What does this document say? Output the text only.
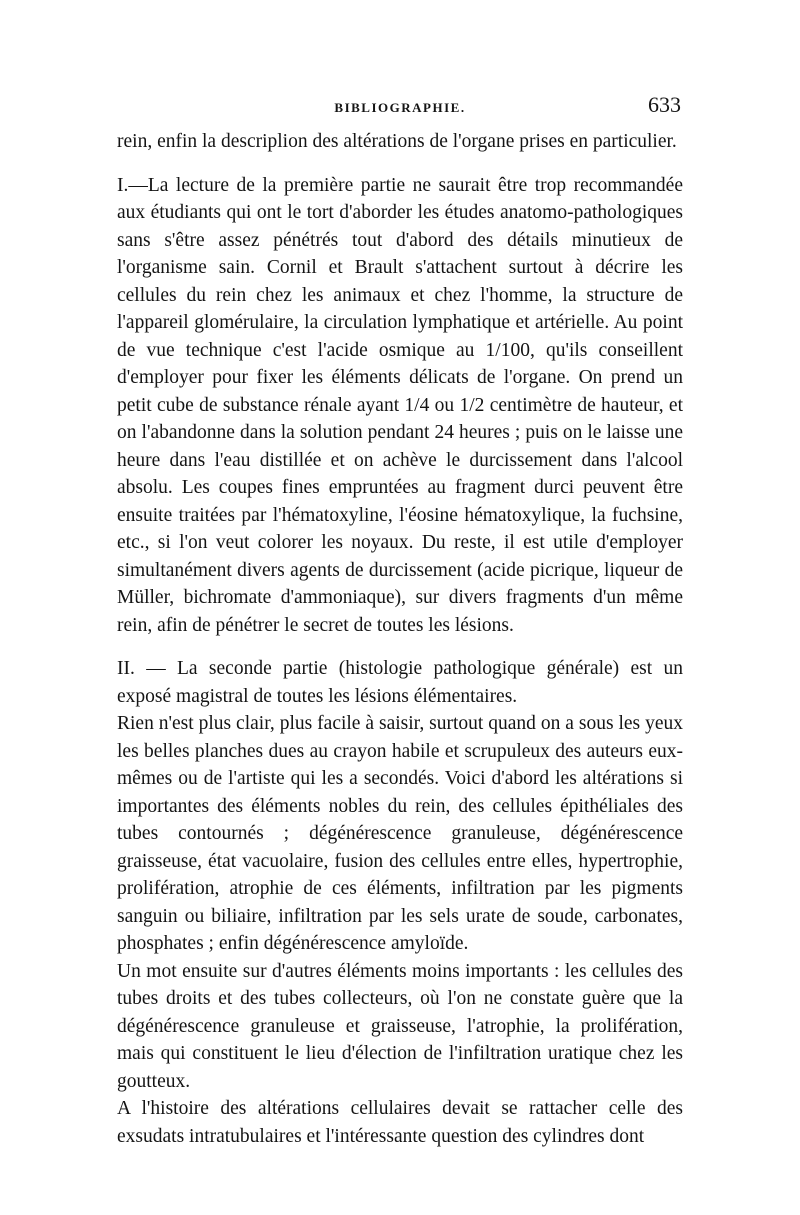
BIBLIOGRAPHIE.	633

rein, enfin la descriplion des altérations de l'organe prises en particulier.

I.—La lecture de la première partie ne saurait être trop recommandée aux étudiants qui ont le tort d'aborder les études anatomo-pathologiques sans s'être assez pénétrés tout d'abord des détails minutieux de l'organisme sain. Cornil et Brault s'attachent surtout à décrire les cellules du rein chez les animaux et chez l'homme, la structure de l'appareil glomérulaire, la circulation lymphatique et artérielle. Au point de vue technique c'est l'acide osmique au 1/100, qu'ils conseillent d'employer pour fixer les éléments délicats de l'organe. On prend un petit cube de substance rénale ayant 1/4 ou 1/2 centimètre de hauteur, et on l'abandonne dans la solution pendant 24 heures ; puis on le laisse une heure dans l'eau distillée et on achève le durcissement dans l'alcool absolu. Les coupes fines empruntées au fragment durci peuvent être ensuite traitées par l'hématoxyline, l'éosine hématoxylique, la fuchsine, etc., si l'on veut colorer les noyaux. Du reste, il est utile d'employer simultanément divers agents de durcissement (acide picrique, liqueur de Müller, bichromate d'ammoniaque), sur divers fragments d'un même rein, afin de pénétrer le secret de toutes les lésions.

II. — La seconde partie (histologie pathologique générale) est un exposé magistral de toutes les lésions élémentaires.

Rien n'est plus clair, plus facile à saisir, surtout quand on a sous les yeux les belles planches dues au crayon habile et scrupuleux des auteurs eux-mêmes ou de l'artiste qui les a secondés. Voici d'abord les altérations si importantes des éléments nobles du rein, des cellules épithéliales des tubes contournés ; dégénérescence granuleuse, dégénérescence graisseuse, état vacuolaire, fusion des cellules entre elles, hypertrophie, prolifération, atrophie de ces éléments, infiltration par les pigments sanguin ou biliaire, infiltration par les sels urate de soude, carbonates, phosphates ; enfin dégénérescence amyloïde.

Un mot ensuite sur d'autres éléments moins importants : les cellules des tubes droits et des tubes collecteurs, où l'on ne constate guère que la dégénérescence granuleuse et graisseuse, l'atrophie, la prolifération, mais qui constituent le lieu d'élection de l'infiltration uratique chez les goutteux.

A l'histoire des altérations cellulaires devait se rattacher celle des exsudats intratubulaires et l'intéressante question des cylindres dont
